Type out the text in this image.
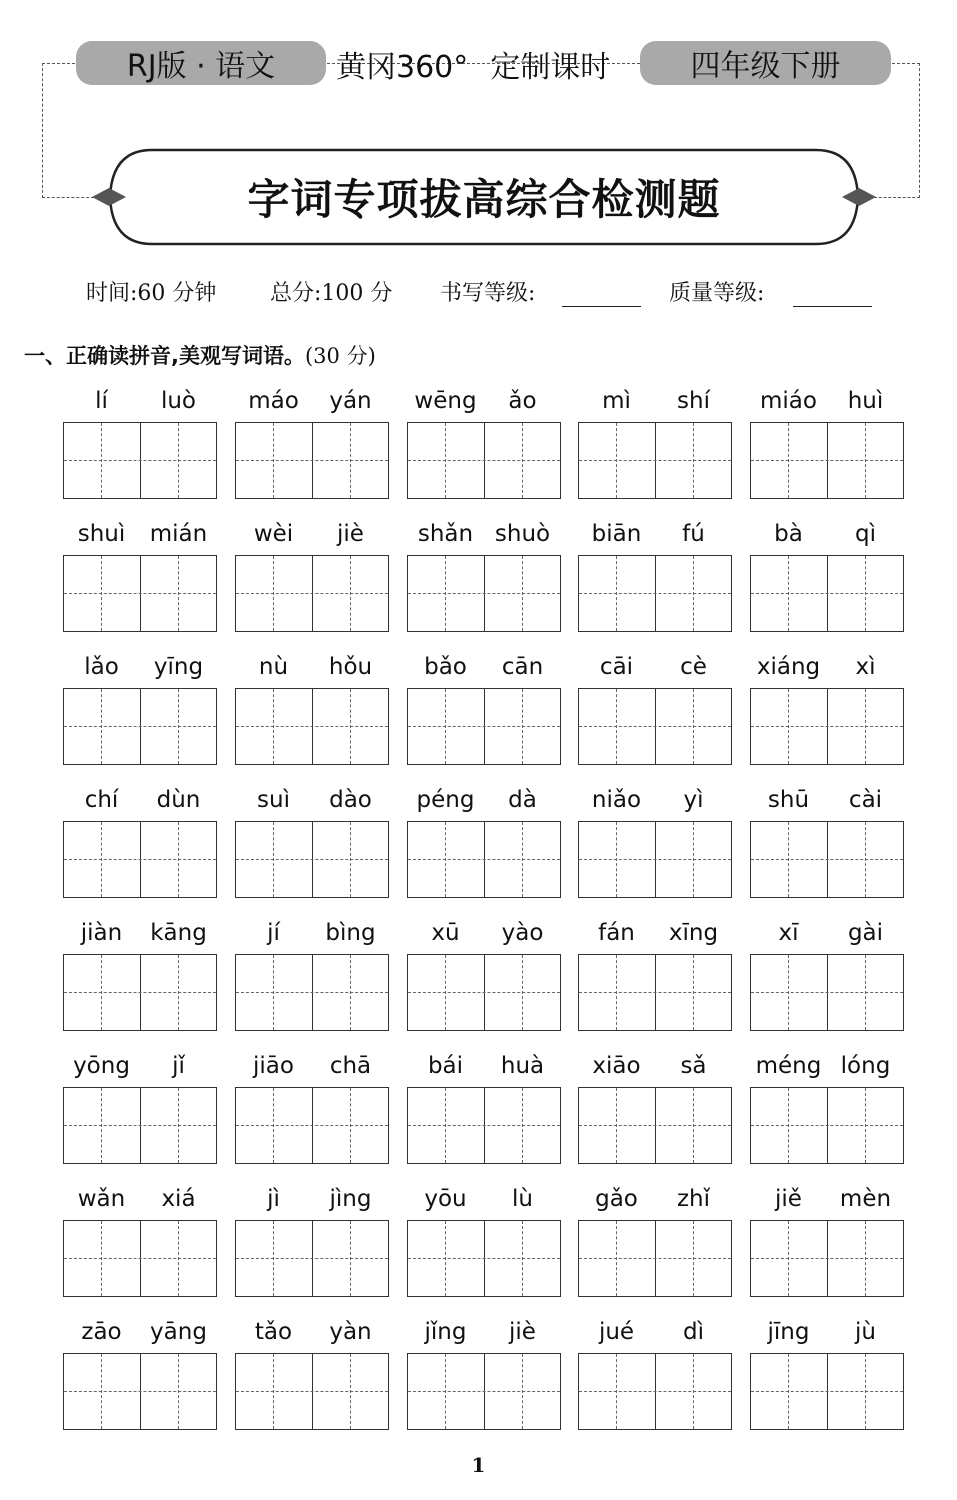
RJ版 · 语文 黄冈360° 定制课时	四年级下册
字词专项拔高综合检测题
时间:60 分钟 总分:100 分 书写等级:	质量等级:
一、正确读拼音,美观写词语。(30 分)
lí	luò	máo	yán	wēng	ǎo	mì	shí	miáo	huì
shuì	mián	wèi	jiè	shǎn shuò	biān	fú	bà	qì
lǎo	yīng	nù	hǒu	bǎo	cān	cāi	cè	xiáng	xì
chí	dùn	suì	dào	péng	dà	niǎo	yì	shū	cài
jiàn	kāng	jí	bìng	xū	yào	fán	xīng	xī	gài
yōng	jǐ	jiāo	chā	bái	huà	xiāo	sǎ	méng lóng
wǎn	xiá	jì	jìng	yōu	lù	gǎo	zhǐ	jiě	mèn
zāo	yāng	tǎo	yàn	jǐng	jiè	jué	dì	jīng	jù
1
